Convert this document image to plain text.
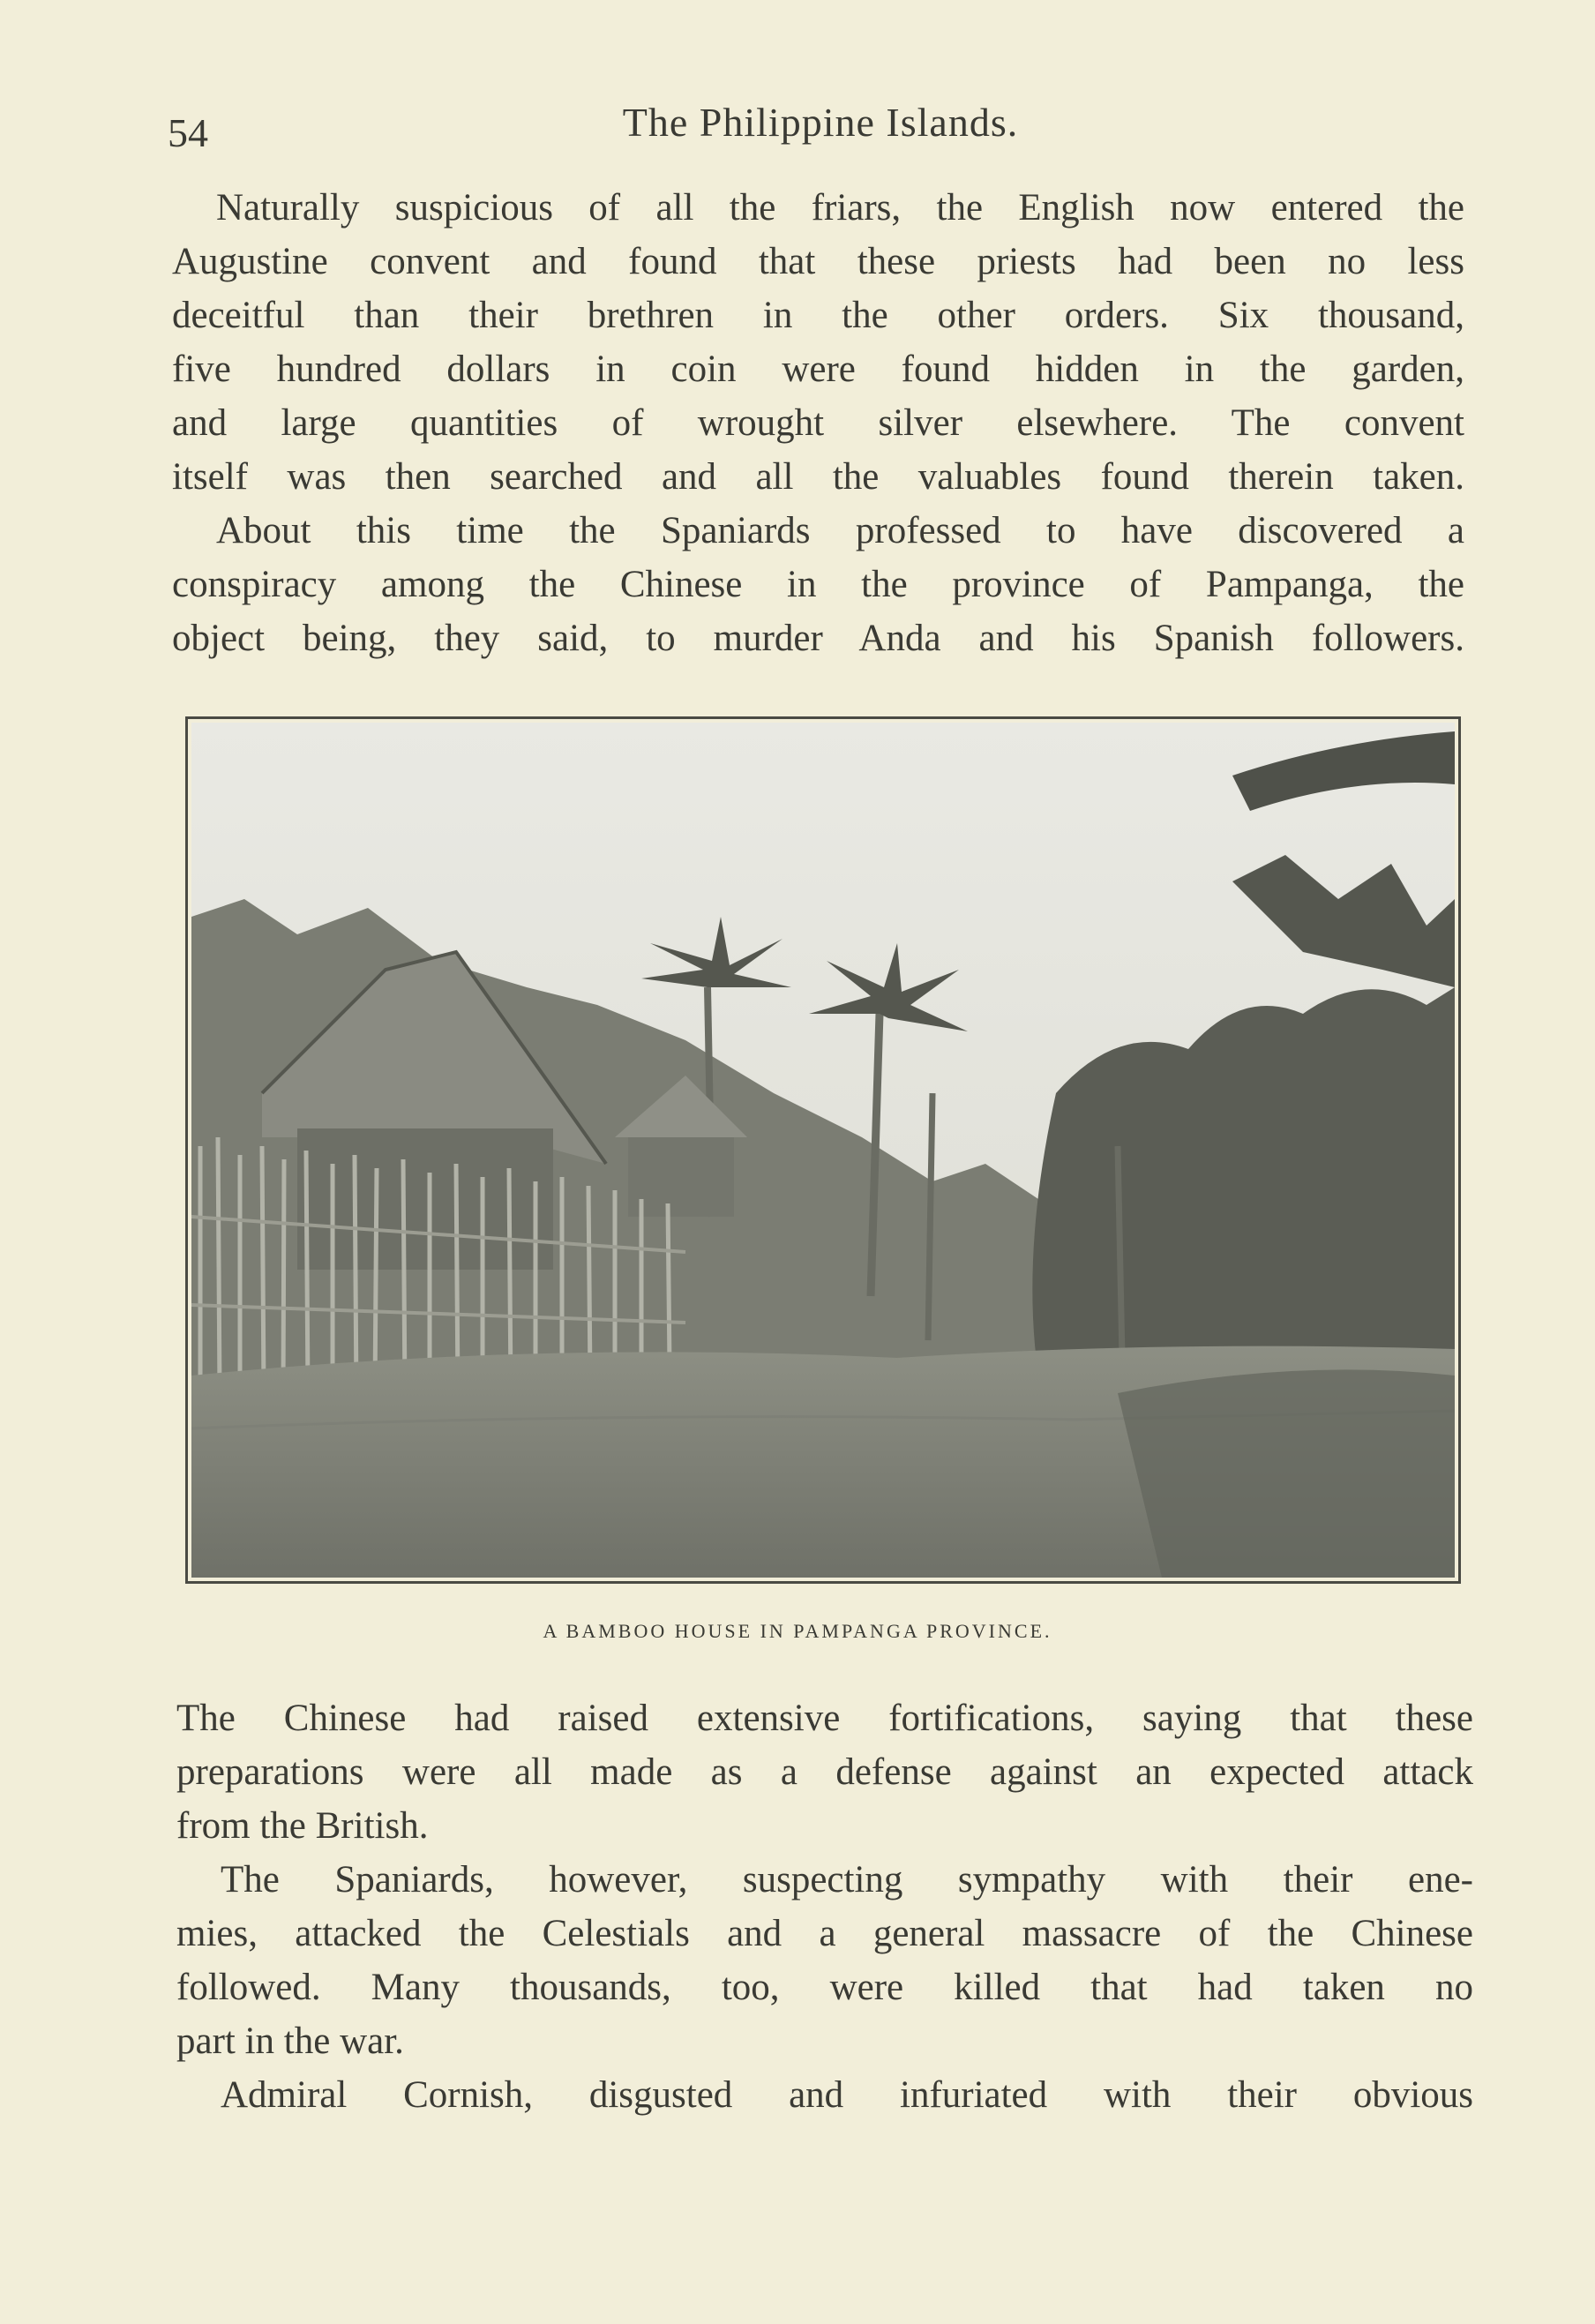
54	The Philippine Islands.

Naturally suspicious of all the friars, the English now entered the

Augustine convent and found that these priests had been no less

deceitful than their brethren in the other orders. Six thousand,

five hundred dollars in coin were found hidden in the garden,

and large quantities of wrought silver elsewhere. The convent

itself was then searched and all the valuables found therein taken.

About this time the Spaniards professed to have discovered a

conspiracy among the Chinese in the province of Pampanga, the

object being, they said, to murder Anda and his Spanish followers.

A BAMBOO HOUSE IN PAMPANGA PROVINCE.

The Chinese had raised extensive fortifications, saying that these

preparations were all made as a defense against an expected attack

from the British.

The Spaniards, however, suspecting sympathy with their ene-

mies, attacked the Celestials and a general massacre of the Chinese

followed. Many thousands, too, were killed that had taken no

part in the war.

Admiral Cornish, disgusted and infuriated with their obvious
